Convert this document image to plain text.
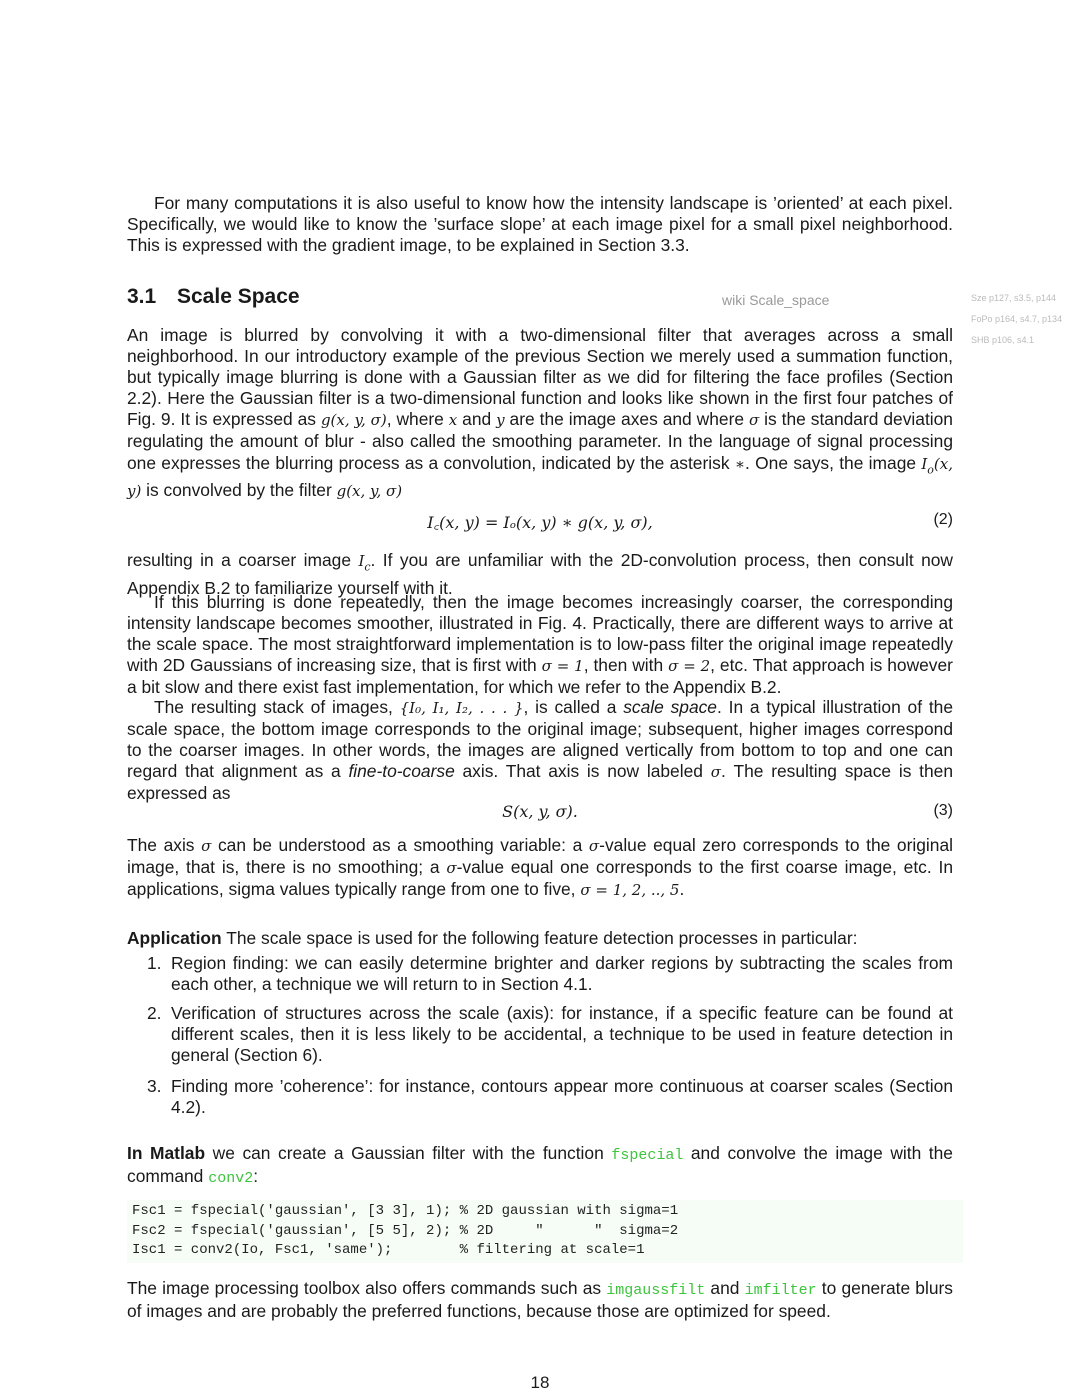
For many computations it is also useful to know how the intensity landscape is ’oriented’ at each pixel. Specifically, we would like to know the ’surface slope’ at each image pixel for a small pixel neighborhood. This is expressed with the gradient image, to be explained in Section 3.3.
3.1 Scale Space	wiki Scale_space	Sze p127, s3.5, p144
FoPo p164, s4.7, p134
SHB p106, s4.1
An image is blurred by convolving it with a two-dimensional filter that averages across a small neighborhood. In our introductory example of the previous Section we merely used a summation function, but typically image blurring is done with a Gaussian filter as we did for filtering the face profiles (Section 2.2). Here the Gaussian filter is a two-dimensional function and looks like shown in the first four patches of Fig. 9. It is expressed as g(x, y, σ), where x and y are the image axes and where σ is the standard deviation regulating the amount of blur - also called the smoothing parameter. In the language of signal processing one expresses the blurring process as a convolution, indicated by the asterisk ∗. One says, the image $I_o(x$, y) is convolved by the filter g(x, y, σ)
I꜀(x, y) = Iₒ(x, y) ∗ g(x, y, σ),	(2)
resulting in a coarser image $I_c$. If you are unfamiliar with the 2D-convolution process, then consult now Appendix B.2 to familiarize yourself with it.
If this blurring is done repeatedly, then the image becomes increasingly coarser, the corresponding intensity landscape becomes smoother, illustrated in Fig. 4. Practically, there are different ways to arrive at the scale space. The most straightforward implementation is to low-pass filter the original image repeatedly with 2D Gaussians of increasing size, that is first with σ = 1, then with σ = 2, etc. That approach is however a bit slow and there exist fast implementation, for which we refer to the Appendix B.2.
The resulting stack of images, {I₀, I₁, I₂, . . . }, is called a scale space. In a typical illustration of the scale space, the bottom image corresponds to the original image; subsequent, higher images correspond to the coarser images. In other words, the images are aligned vertically from bottom to top and one can regard that alignment as a fine-to-coarse axis. That axis is now labeled σ. The resulting space is then expressed as
S(x, y, σ).	(3)
The axis σ can be understood as a smoothing variable: a σ-value equal zero corresponds to the original image, that is, there is no smoothing; a σ-value equal one corresponds to the first coarse image, etc. In applications, sigma values typically range from one to five, σ = 1, 2, .., 5.
Application The scale space is used for the following feature detection processes in particular:
1. Region finding: we can easily determine brighter and darker regions by subtracting the scales from each other, a technique we will return to in Section 4.1.
2. Verification of structures across the scale (axis): for instance, if a specific feature can be found at different scales, then it is less likely to be accidental, a technique to be used in feature detection in general (Section 6).
3. Finding more ’coherence’: for instance, contours appear more continuous at coarser scales (Section 4.2).
In Matlab we can create a Gaussian filter with the function fspecial and convolve the image with the command conv2:
Fsc1 = fspecial('gaussian', [3 3], 1); % 2D gaussian with sigma=1
Fsc2 = fspecial('gaussian', [5 5], 2); % 2D     "      "  sigma=2
Isc1 = conv2(Io, Fsc1, 'same');        % filtering at scale=1
The image processing toolbox also offers commands such as imgaussfilt and imfilter to generate blurs of images and are probably the preferred functions, because those are optimized for speed.
18
